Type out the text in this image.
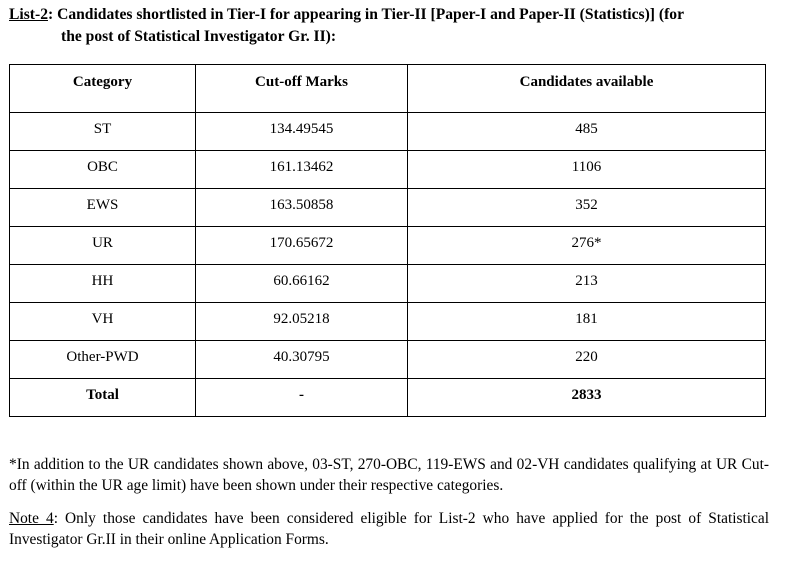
List-2: Candidates shortlisted in Tier-I for appearing in Tier-II [Paper-I and Paper-II (Statistics)] (for
the post of Statistical Investigator Gr. II):
Category	Cut-off Marks	Candidates available
ST	134.49545	485
OBC	161.13462	1106
EWS	163.50858	352
UR	170.65672	276*
HH	60.66162	213
VH	92.05218	181
Other-PWD	40.30795	220
Total	-	2833

*In addition to the UR candidates shown above, 03-ST, 270-OBC, 119-EWS and 02-VH candidates qualifying at UR Cut-off (within the UR age limit) have been shown under their respective categories.

Note 4: Only those candidates have been considered eligible for List-2 who have applied for the post of Statistical Investigator Gr.II in their online Application Forms.
